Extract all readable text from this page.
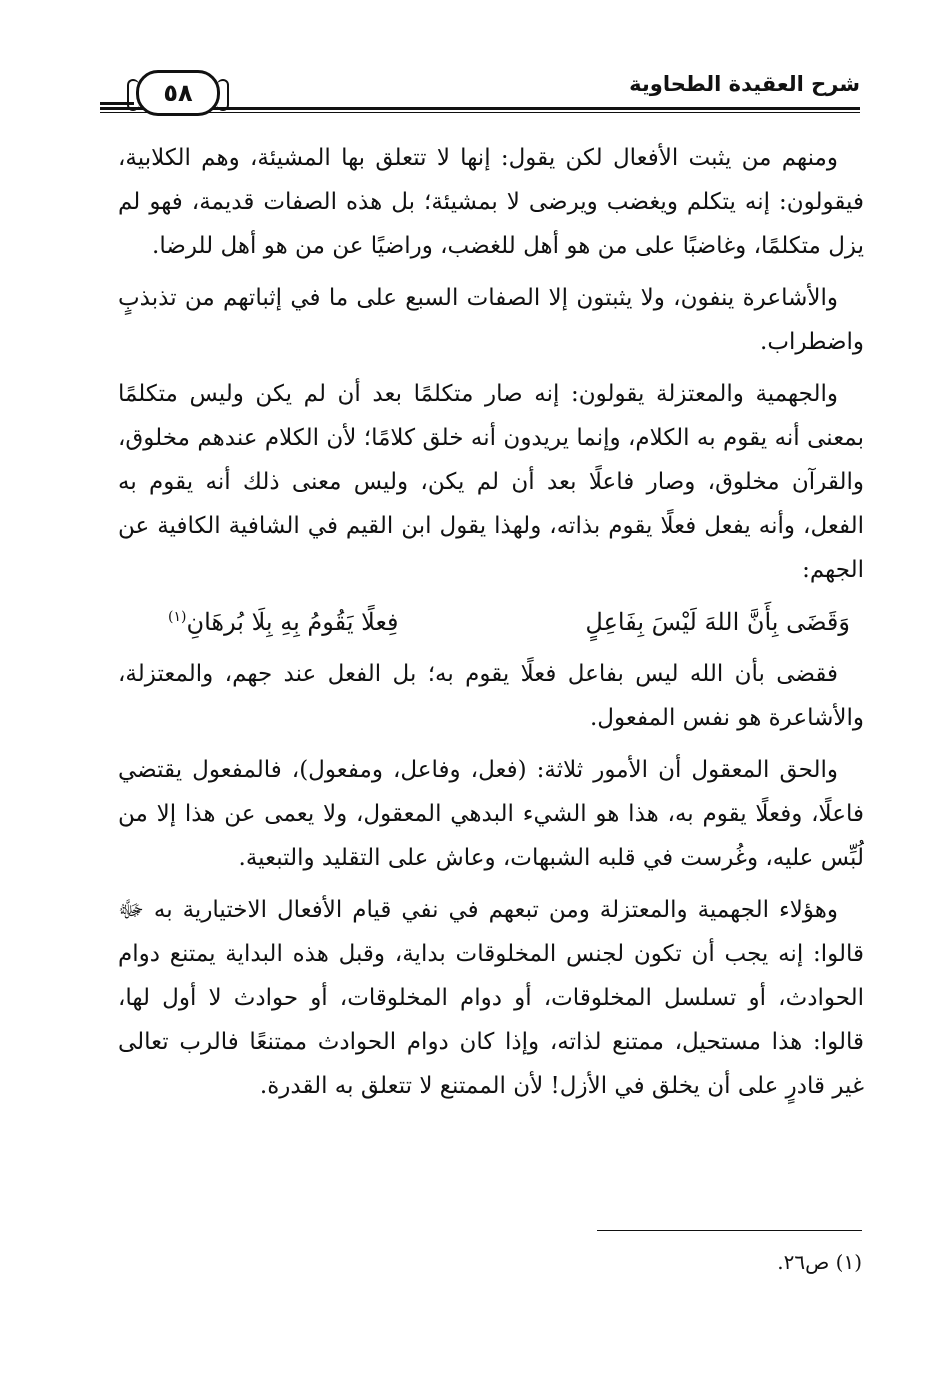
٥٨	شرح العقيدة الطحاوية

ومنهم من يثبت الأفعال لكن يقول: إنها لا تتعلق بها المشيئة، وهم الكلابية، فيقولون: إنه يتكلم ويغضب ويرضى لا بمشيئة؛ بل هذه الصفات قديمة، فهو لم يزل متكلمًا، وغاضبًا على من هو أهل للغضب، وراضيًا عن من هو أهل للرضا.

والأشاعرة ينفون، ولا يثبتون إلا الصفات السبع على ما في إثباتهم من تذبذبٍ واضطراب.

والجهمية والمعتزلة يقولون: إنه صار متكلمًا بعد أن لم يكن وليس متكلمًا بمعنى أنه يقوم به الكلام، وإنما يريدون أنه خلق كلامًا؛ لأن الكلام عندهم مخلوق، والقرآن مخلوق، وصار فاعلًا بعد أن لم يكن، وليس معنى ذلك أنه يقوم به الفعل، وأنه يفعل فعلًا يقوم بذاته، ولهذا يقول ابن القيم في الشافية الكافية عن الجهم:

وَقَضَى بِأَنَّ اللهَ لَيْسَ بِفَاعِلٍ
فِعلًا يَقُومُ بِهِ بِلَا بُرهَانِ$^{(١)}$

فقضى بأن الله ليس بفاعل فعلًا يقوم به؛ بل الفعل عند جهم، والمعتزلة، والأشاعرة هو نفس المفعول.

والحق المعقول أن الأمور ثلاثة: (فعل، وفاعل، ومفعول)، فالمفعول يقتضي فاعلًا، وفعلًا يقوم به، هذا هو الشيء البدهي المعقول، ولا يعمى عن هذا إلا من لُبِّس عليه، وغُرست في قلبه الشبهات، وعاش على التقليد والتبعية.

وهؤلاء الجهمية والمعتزلة ومن تبعهم في نفي قيام الأفعال الاختيارية به ﷻ قالوا: إنه يجب أن تكون لجنس المخلوقات بداية، وقبل هذه البداية يمتنع دوام الحوادث، أو تسلسل المخلوقات، أو دوام المخلوقات، أو حوادث لا أول لها، قالوا: هذا مستحيل، ممتنع لذاته، وإذا كان دوام الحوادث ممتنعًا فالرب تعالى غير قادرٍ على أن يخلق في الأزل! لأن الممتنع لا تتعلق به القدرة.

(١) ص٢٦.
